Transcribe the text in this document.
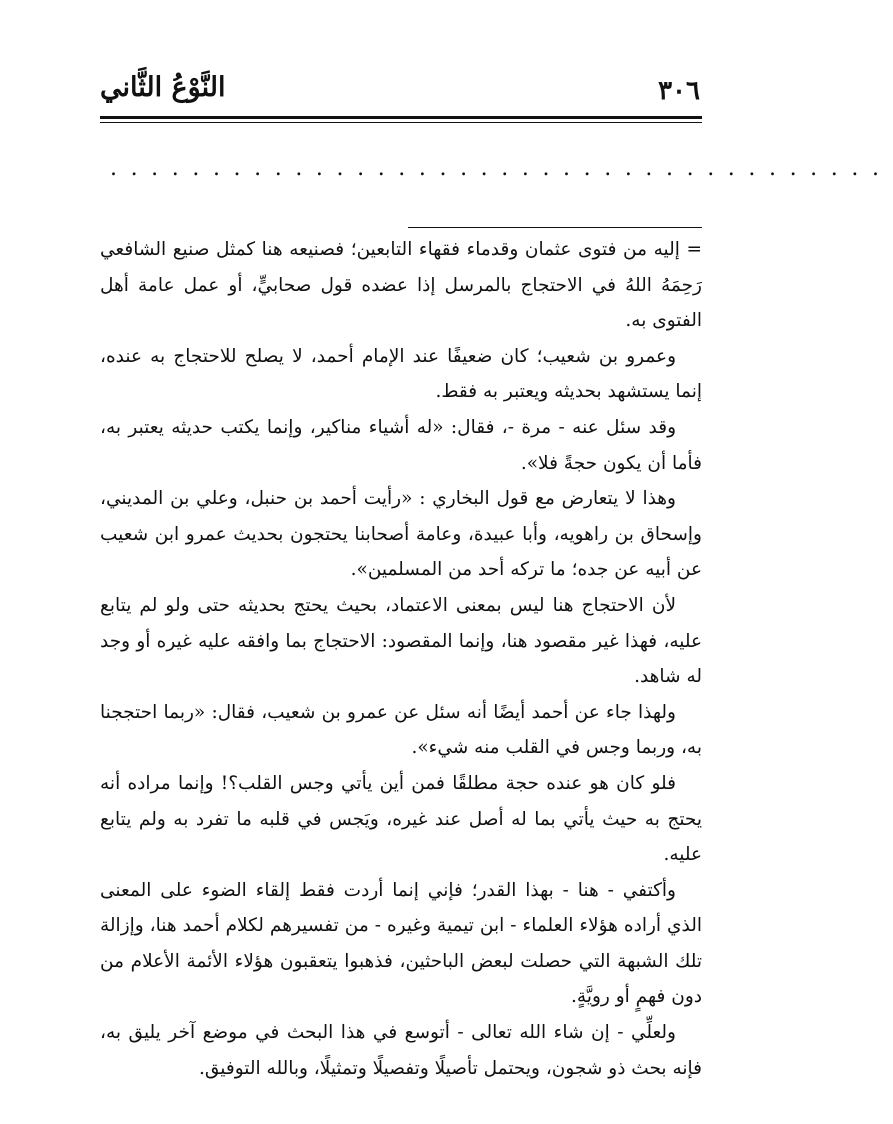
٣٠٦
النَّوْعُ الثَّاني
......................................

= إليه من فتوى عثمان وقدماء فقهاء التابعين؛ فصنيعه هنا كمثل صنيع الشافعي رَحِمَهُ اللهُ في الاحتجاج بالمرسل إذا عضده قول صحابيٍّ، أو عمل عامة أهل الفتوى به.

وعمرو بن شعيب؛ كان ضعيفًا عند الإمام أحمد، لا يصلح للاحتجاج به عنده، إنما يستشهد بحديثه ويعتبر به فقط.

وقد سئل عنه - مرة -، فقال: «له أشياء مناكير، وإنما يكتب حديثه يعتبر به، فأما أن يكون حجةً فلا».

وهذا لا يتعارض مع قول البخاري : «رأيت أحمد بن حنبل، وعلي بن المديني، وإسحاق بن راهويه، وأبا عبيدة، وعامة أصحابنا يحتجون بحديث عمرو ابن شعيب عن أبيه عن جده؛ ما تركه أحد من المسلمين».

لأن الاحتجاج هنا ليس بمعنى الاعتماد، بحيث يحتج بحديثه حتى ولو لم يتابع عليه، فهذا غير مقصود هنا، وإنما المقصود: الاحتجاج بما وافقه عليه غيره أو وجد له شاهد.

ولهذا جاء عن أحمد أيضًا أنه سئل عن عمرو بن شعيب، فقال: «ربما احتججنا به، وربما وجس في القلب منه شيء».

فلو كان هو عنده حجة مطلقًا فمن أين يأتي وجس القلب؟! وإنما مراده أنه يحتج به حيث يأتي بما له أصل عند غيره، ويَجس في قلبه ما تفرد به ولم يتابع عليه.

وأكتفي - هنا - بهذا القدر؛ فإني إنما أردت فقط إلقاء الضوء على المعنى الذي أراده هؤلاء العلماء - ابن تيمية وغيره - من تفسيرهم لكلام أحمد هنا، وإزالة تلك الشبهة التي حصلت لبعض الباحثين، فذهبوا يتعقبون هؤلاء الأئمة الأعلام من دون فهمٍ أو رويَّةٍ.

ولعلِّي - إن شاء الله تعالى - أتوسع في هذا البحث في موضع آخر يليق به، فإنه بحث ذو شجون، ويحتمل تأصيلًا وتفصيلًا وتمثيلًا، وبالله التوفيق.
